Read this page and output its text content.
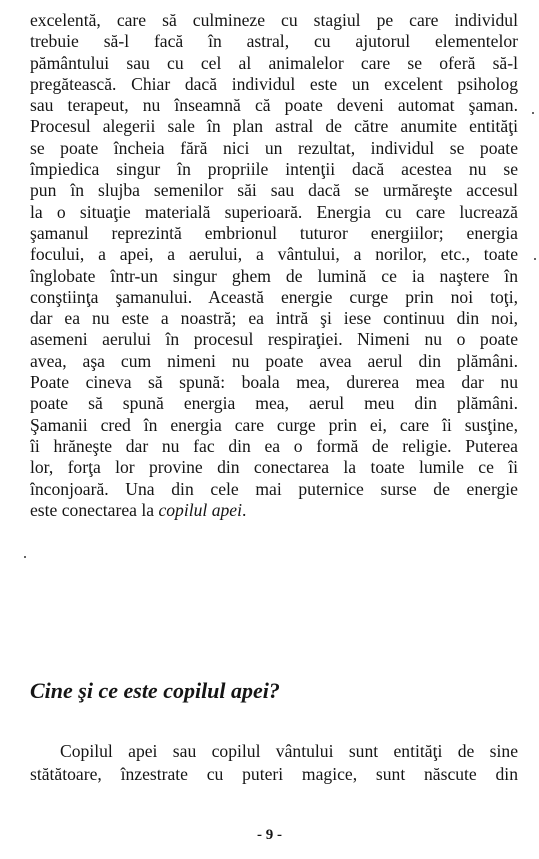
excelentă, care să culmineze cu stagiul pe care individul
trebuie să-l facă în astral, cu ajutorul elementelor
pământului sau cu cel al animalelor care se oferă să-l
pregătească. Chiar dacă individul este un excelent psiholog
sau terapeut, nu înseamnă că poate deveni automat şaman.
Procesul alegerii sale în plan astral de către anumite entităţi
se poate încheia fără nici un rezultat, individul se poate
împiedica singur în propriile intenţii dacă acestea nu se
pun în slujba semenilor săi sau dacă se urmăreşte accesul
la o situaţie materială superioară. Energia cu care lucrează
şamanul reprezintă embrionul tuturor energiilor; energia
focului, a apei, a aerului, a vântului, a norilor, etc., toate
înglobate într-un singur ghem de lumină ce ia naştere în
conştiinţa şamanului. Această energie curge prin noi toţi,
dar ea nu este a noastră; ea intră şi iese continuu din noi,
asemeni aerului în procesul respiraţiei. Nimeni nu o poate
avea, aşa cum nimeni nu poate avea aerul din plămâni.
Poate cineva să spună: boala mea, durerea mea dar nu
poate să spună energia mea, aerul meu din plămâni.
Şamanii cred în energia care curge prin ei, care îi susţine,
îi hrăneşte dar nu fac din ea o formă de religie. Puterea
lor, forţa lor provine din conectarea la toate lumile ce îi
înconjoară. Una din cele mai puternice surse de energie
este conectarea la copilul apei.
Cine şi ce este copilul apei?
Copilul apei sau copilul vântului sunt entităţi de sine
stătătoare, înzestrate cu puteri magice, sunt născute din
- 9 -
